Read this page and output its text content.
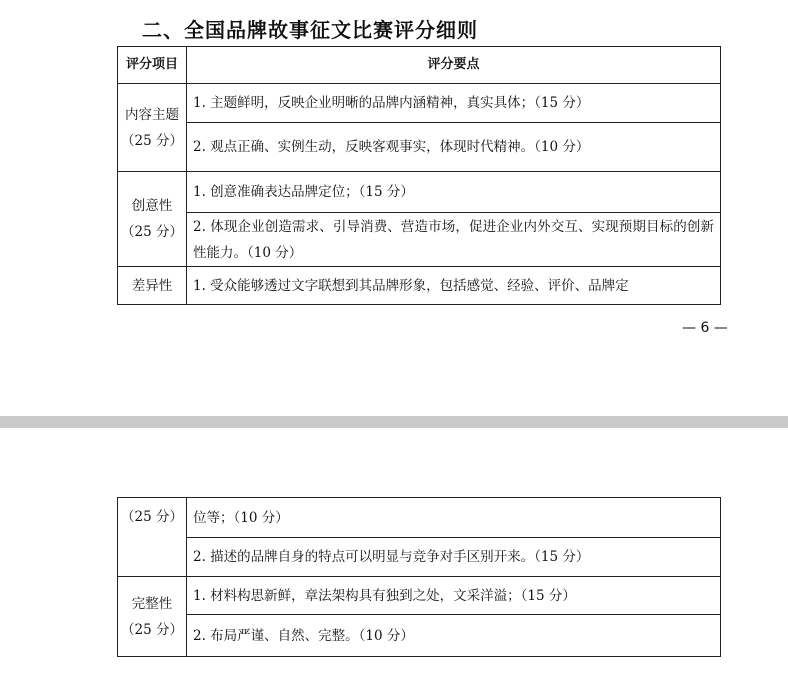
二、全国品牌故事征文比赛评分细则
评分项目	评分要点

内容主题
（25 分）	1. 主题鲜明，反映企业明晰的品牌内涵精神，真实具体；（15 分）
	2. 观点正确、实例生动，反映客观事实，体现时代精神。（10 分）

创意性
（25 分）	1. 创意准确表达品牌定位；（15 分）
	2. 体现企业创造需求、引导消费、营造市场，促进企业内外交互、实现预期目标的创新性能力。（10 分）
差异性	1. 受众能够透过文字联想到其品牌形象，包括感觉、经验、评价、品牌定
— 6 —
（25 分）	位等；（10 分）
	2. 描述的品牌自身的特点可以明显与竞争对手区别开来。（15 分）

完整性
（25 分）	1. 材料构思新鲜，章法架构具有独到之处，文采洋溢；（15 分）
	2. 布局严谨、自然、完整。（10 分）
